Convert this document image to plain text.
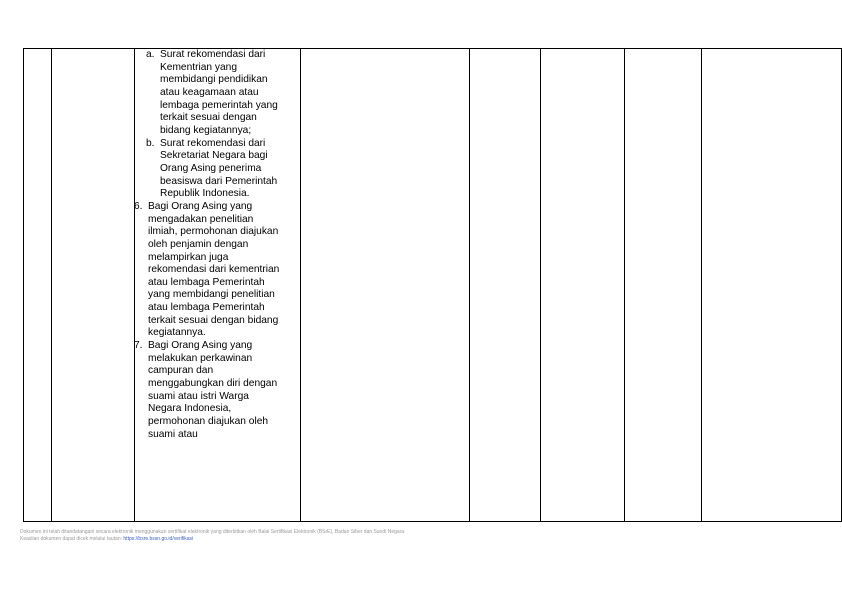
a. Surat rekomendasi dari Kementrian yang membidangi pendidikan atau keagamaan atau lembaga pemerintah yang terkait sesuai dengan bidang kegiatannya;
b. Surat rekomendasi dari Sekretariat Negara bagi Orang Asing penerima beasiswa dari Pemerintah Republik Indonesia.
6. Bagi Orang Asing yang mengadakan penelitian ilmiah, permohonan diajukan oleh penjamin dengan melampirkan juga rekomendasi dari kementrian atau lembaga Pemerintah yang membidangi penelitian atau lembaga Pemerintah terkait sesuai dengan bidang kegiatannya.
7. Bagi Orang Asing yang melakukan perkawinan campuran dan menggabungkan diri dengan suami atau istri Warga Negara Indonesia, permohonan diajukan oleh suami atau

Dokumen ini telah ditandatangani secara elektronik menggunakan sertifikat elektronik yang diterbitkan oleh Balai Sertifikasi Elektronik (BSrE), Badan Siber dan Sandi Negara
Keaslian dokumen dapat dicek melalui tautan: https://bsre.bssn.go.id/verifikasi
